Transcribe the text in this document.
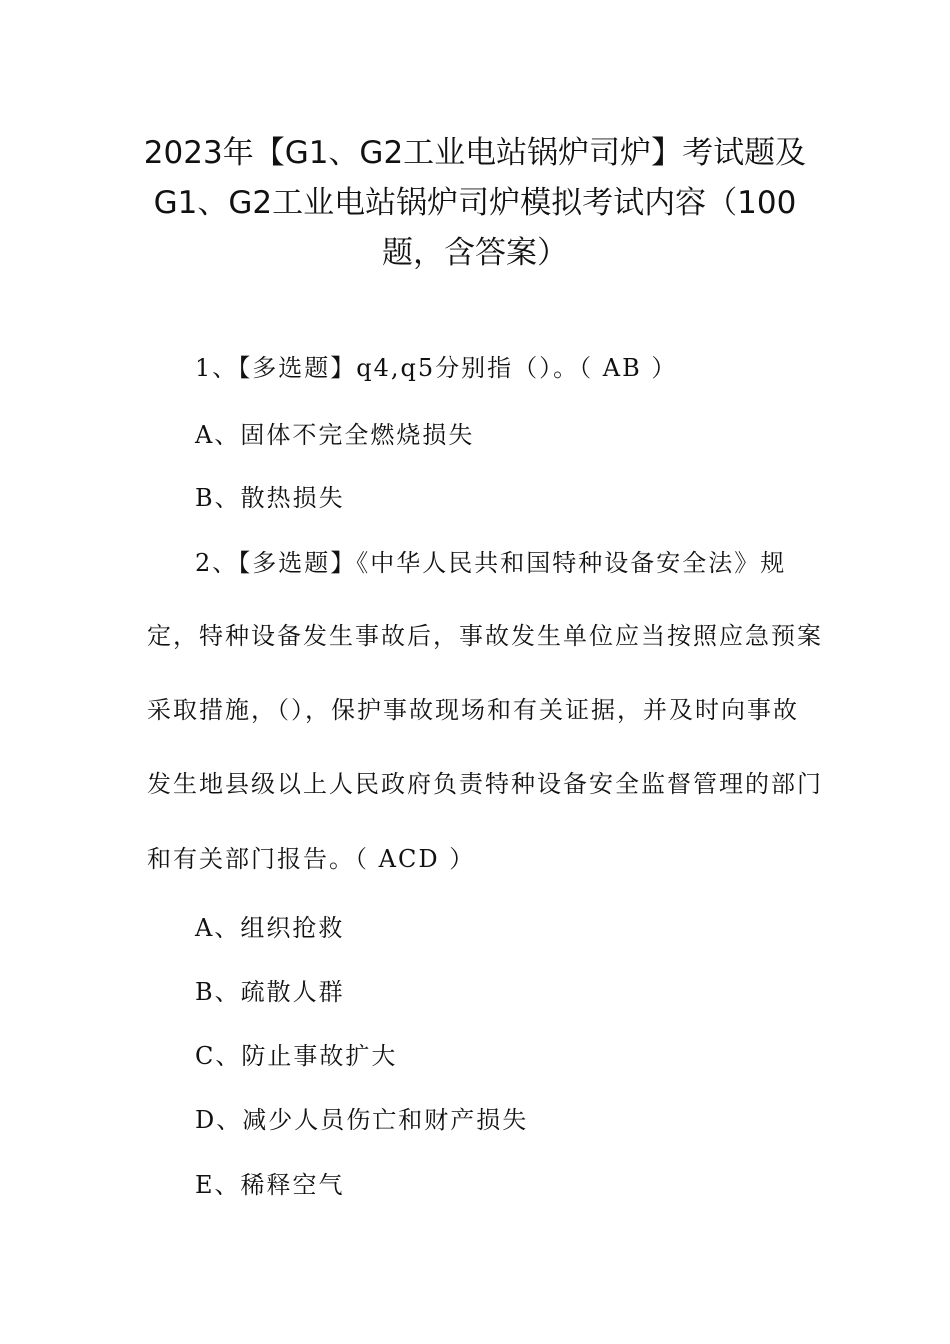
2023年【G1、G2工业电站锅炉司炉】考试题及
G1、G2工业电站锅炉司炉模拟考试内容（100
题，含答案）
1、【多选题】q4,q5分别指（）。（ AB ）
A、固体不完全燃烧损失
B、散热损失
2、【多选题】《中华人民共和国特种设备安全法》规
定，特种设备发生事故后，事故发生单位应当按照应急预案
采取措施，（），保护事故现场和有关证据，并及时向事故
发生地县级以上人民政府负责特种设备安全监督管理的部门
和有关部门报告。（ ACD ）
A、组织抢救
B、疏散人群
C、防止事故扩大
D、减少人员伤亡和财产损失
E、稀释空气
